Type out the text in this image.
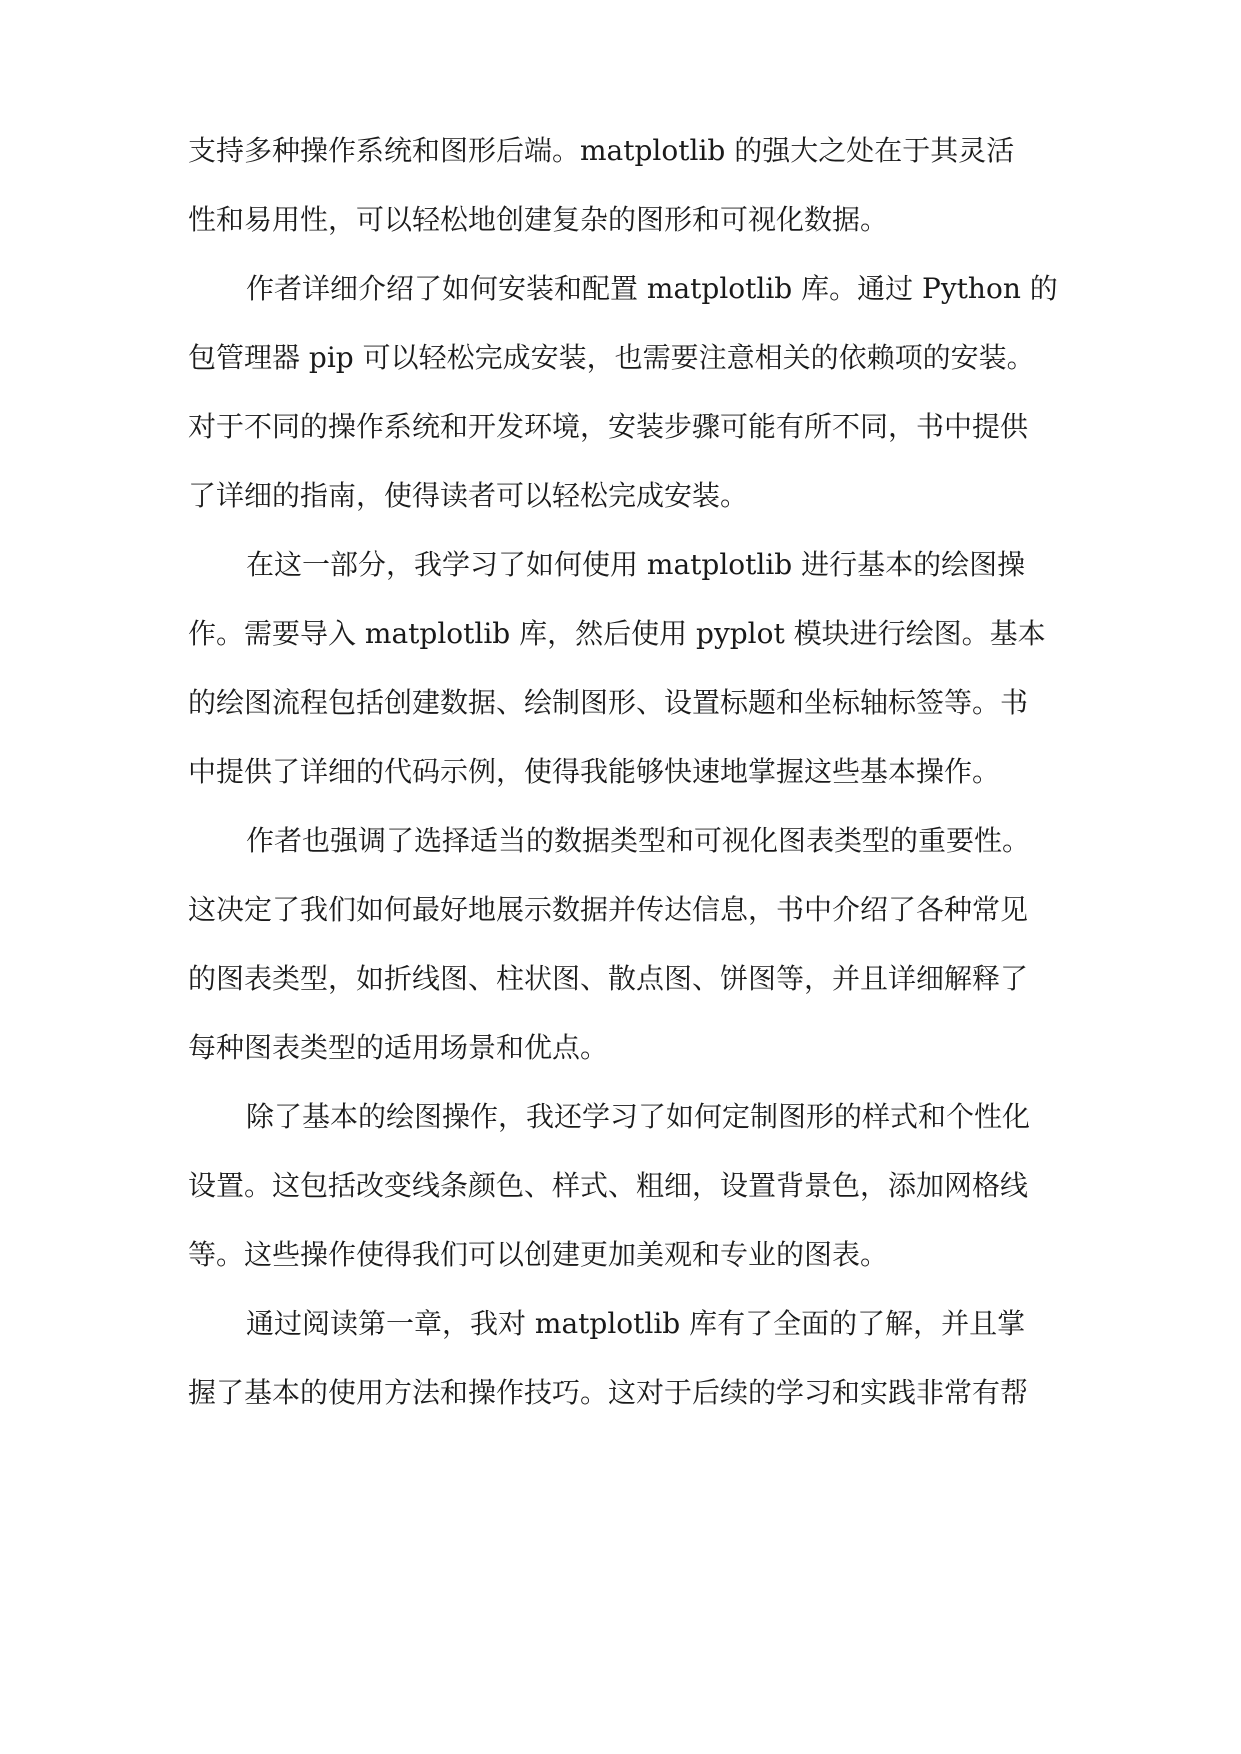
支持多种操作系统和图形后端。matplotlib 的强大之处在于其灵活
性和易用性，可以轻松地创建复杂的图形和可视化数据。
作者详细介绍了如何安装和配置 matplotlib 库。通过 Python 的
包管理器 pip 可以轻松完成安装，也需要注意相关的依赖项的安装。
对于不同的操作系统和开发环境，安装步骤可能有所不同，书中提供
了详细的指南，使得读者可以轻松完成安装。
在这一部分，我学习了如何使用 matplotlib 进行基本的绘图操
作。需要导入 matplotlib 库，然后使用 pyplot 模块进行绘图。基本
的绘图流程包括创建数据、绘制图形、设置标题和坐标轴标签等。书
中提供了详细的代码示例，使得我能够快速地掌握这些基本操作。
作者也强调了选择适当的数据类型和可视化图表类型的重要性。
这决定了我们如何最好地展示数据并传达信息，书中介绍了各种常见
的图表类型，如折线图、柱状图、散点图、饼图等，并且详细解释了
每种图表类型的适用场景和优点。
除了基本的绘图操作，我还学习了如何定制图形的样式和个性化
设置。这包括改变线条颜色、样式、粗细，设置背景色，添加网格线
等。这些操作使得我们可以创建更加美观和专业的图表。
通过阅读第一章，我对 matplotlib 库有了全面的了解，并且掌
握了基本的使用方法和操作技巧。这对于后续的学习和实践非常有帮
